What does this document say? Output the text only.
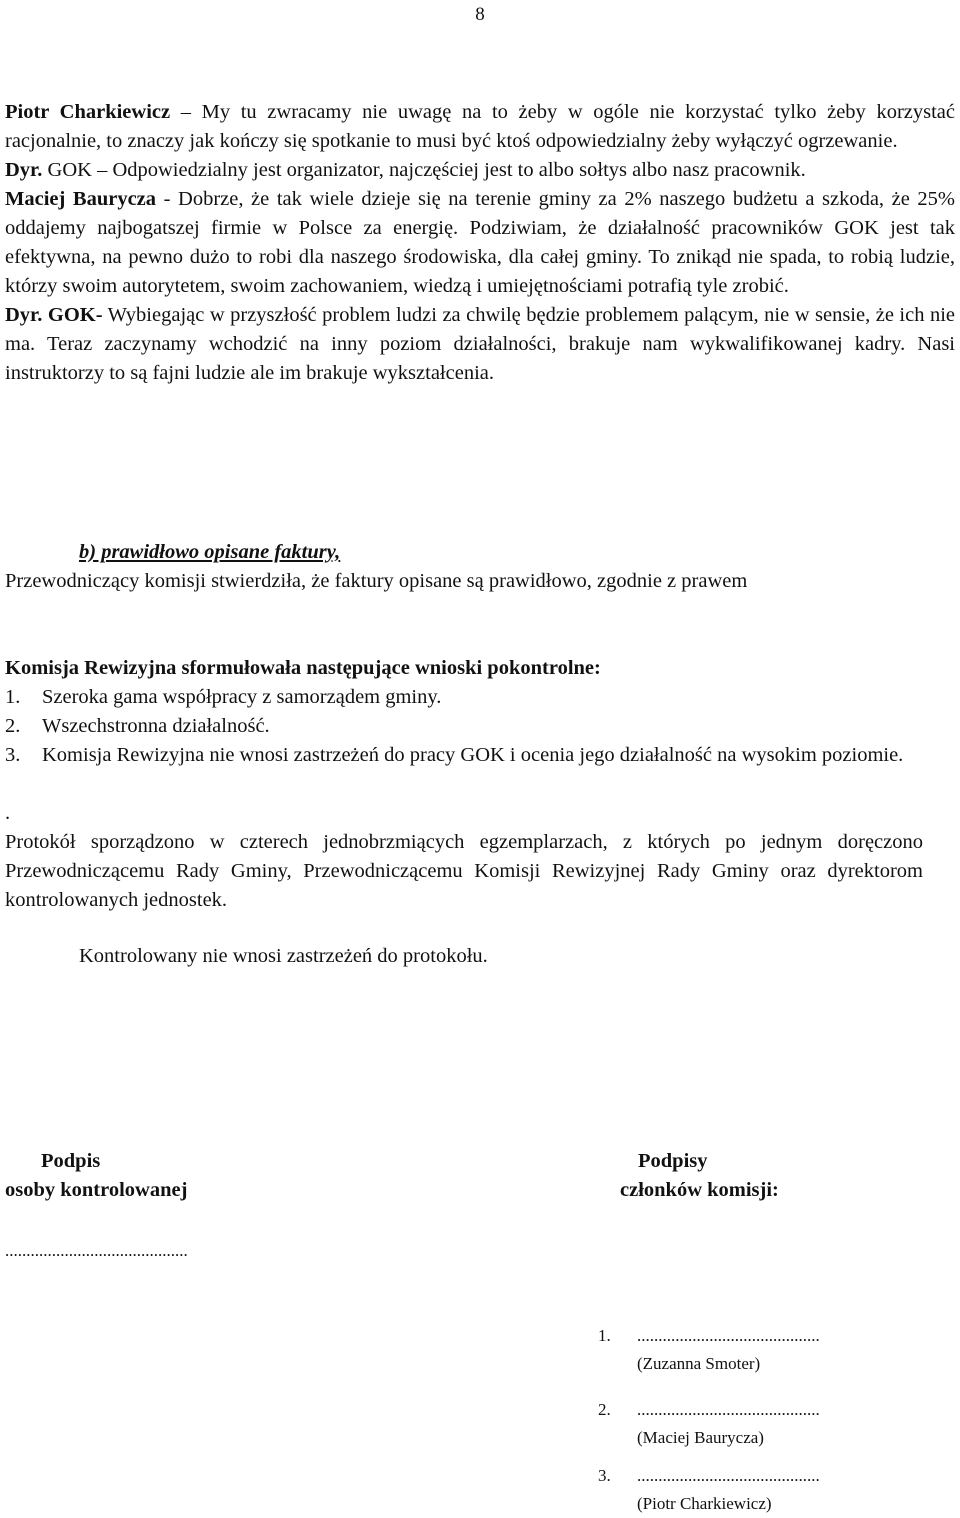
8

Piotr Charkiewicz – My tu zwracamy nie uwagę na to żeby w ogóle nie korzystać tylko żeby korzystać racjonalnie, to znaczy jak kończy się spotkanie to musi być ktoś odpowiedzialny żeby wyłączyć ogrzewanie.

Dyr. GOK – Odpowiedzialny jest organizator, najczęściej jest to albo sołtys albo nasz pracownik.

Maciej Baurycza - Dobrze, że tak wiele dzieje się na terenie gminy za 2% naszego budżetu a szkoda, że 25% oddajemy najbogatszej firmie w Polsce za energię. Podziwiam, że działalność pracowników GOK jest tak efektywna, na pewno dużo to robi dla naszego środowiska, dla całej gminy. To znikąd nie spada, to robią ludzie, którzy swoim autorytetem, swoim zachowaniem, wiedzą i umiejętnościami potrafią tyle zrobić.

Dyr. GOK- Wybiegając w przyszłość problem ludzi za chwilę będzie problemem palącym, nie w sensie, że ich nie ma. Teraz zaczynamy wchodzić na inny poziom działalności, brakuje nam wykwalifikowanej kadry. Nasi instruktorzy to są fajni ludzie ale im brakuje wykształcenia.

b) prawidłowo opisane faktury,
Przewodniczący komisji stwierdziła, że faktury opisane są prawidłowo, zgodnie z prawem
Komisja Rewizyjna sformułowała następujące wnioski pokontrolne:
1.	Szeroka gama współpracy z samorządem gminy.
2.	Wszechstronna działalność.
3.	Komisja Rewizyjna nie wnosi zastrzeżeń do pracy GOK i ocenia jego działalność na wysokim poziomie.
.

Protokół sporządzono w czterech jednobrzmiących egzemplarzach, z których po jednym doręczono Przewodniczącemu Rady Gminy, Przewodniczącemu Komisji Rewizyjnej Rady Gminy oraz dyrektorom kontrolowanych jednostek.

Kontrolowany nie wnosi zastrzeżeń do protokołu.
Podpis
osoby kontrolowanej
Podpisy
członków komisji:
...........................................
1.	...........................................
(Zuzanna Smoter)
2.	...........................................
(Maciej Baurycza)
3.	...........................................
(Piotr Charkiewicz)
